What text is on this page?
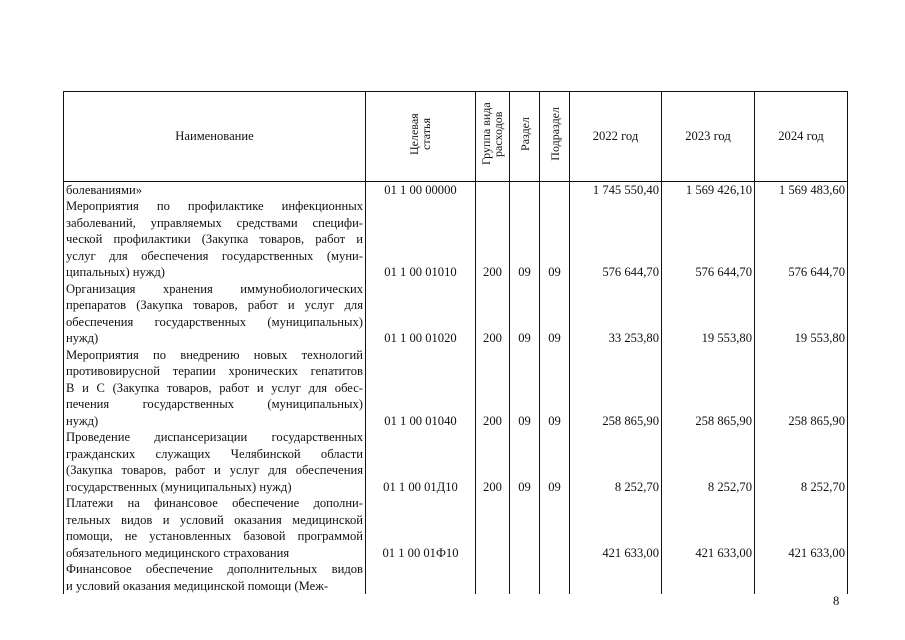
Наименование	Целевая статья	Группа вида расходов	Раздел	Подраздел	2022 год	2023 год	2024 год

болеваниями»	01 1 00 00000				1 745 550,40	1 569 426,10	1 569 483,60

Мероприятия по профилактике инфекционных
заболеваний, управляемых средствами специфи-
ческой профилактики (Закупка товаров, работ и
услуг для обеспечения государственных (муни-
ципальных) нужд)	01 1 00 01010	200	09	09	576 644,70	576 644,70	576 644,70

Организация хранения иммунобиологических
препаратов (Закупка товаров, работ и услуг для
обеспечения государственных (муниципальных)
нужд)	01 1 00 01020	200	09	09	33 253,80	19 553,80	19 553,80

Мероприятия по внедрению новых технологий
противовирусной терапии хронических гепатитов
В и С (Закупка товаров, работ и услуг для обес-
печения государственных (муниципальных)
нужд)	01 1 00 01040	200	09	09	258 865,90	258 865,90	258 865,90

Проведение диспансеризации государственных
гражданских служащих Челябинской области
(Закупка товаров, работ и услуг для обеспечения
государственных (муниципальных) нужд)	01 1 00 01Д10	200	09	09	8 252,70	8 252,70	8 252,70

Платежи на финансовое обеспечение дополни-
тельных видов и условий оказания медицинской
помощи, не установленных базовой программой
обязательного медицинского страхования	01 1 00 01Ф10				421 633,00	421 633,00	421 633,00

Финансовое обеспечение дополнительных видов
и условий оказания медицинской помощи (Меж-							

8
